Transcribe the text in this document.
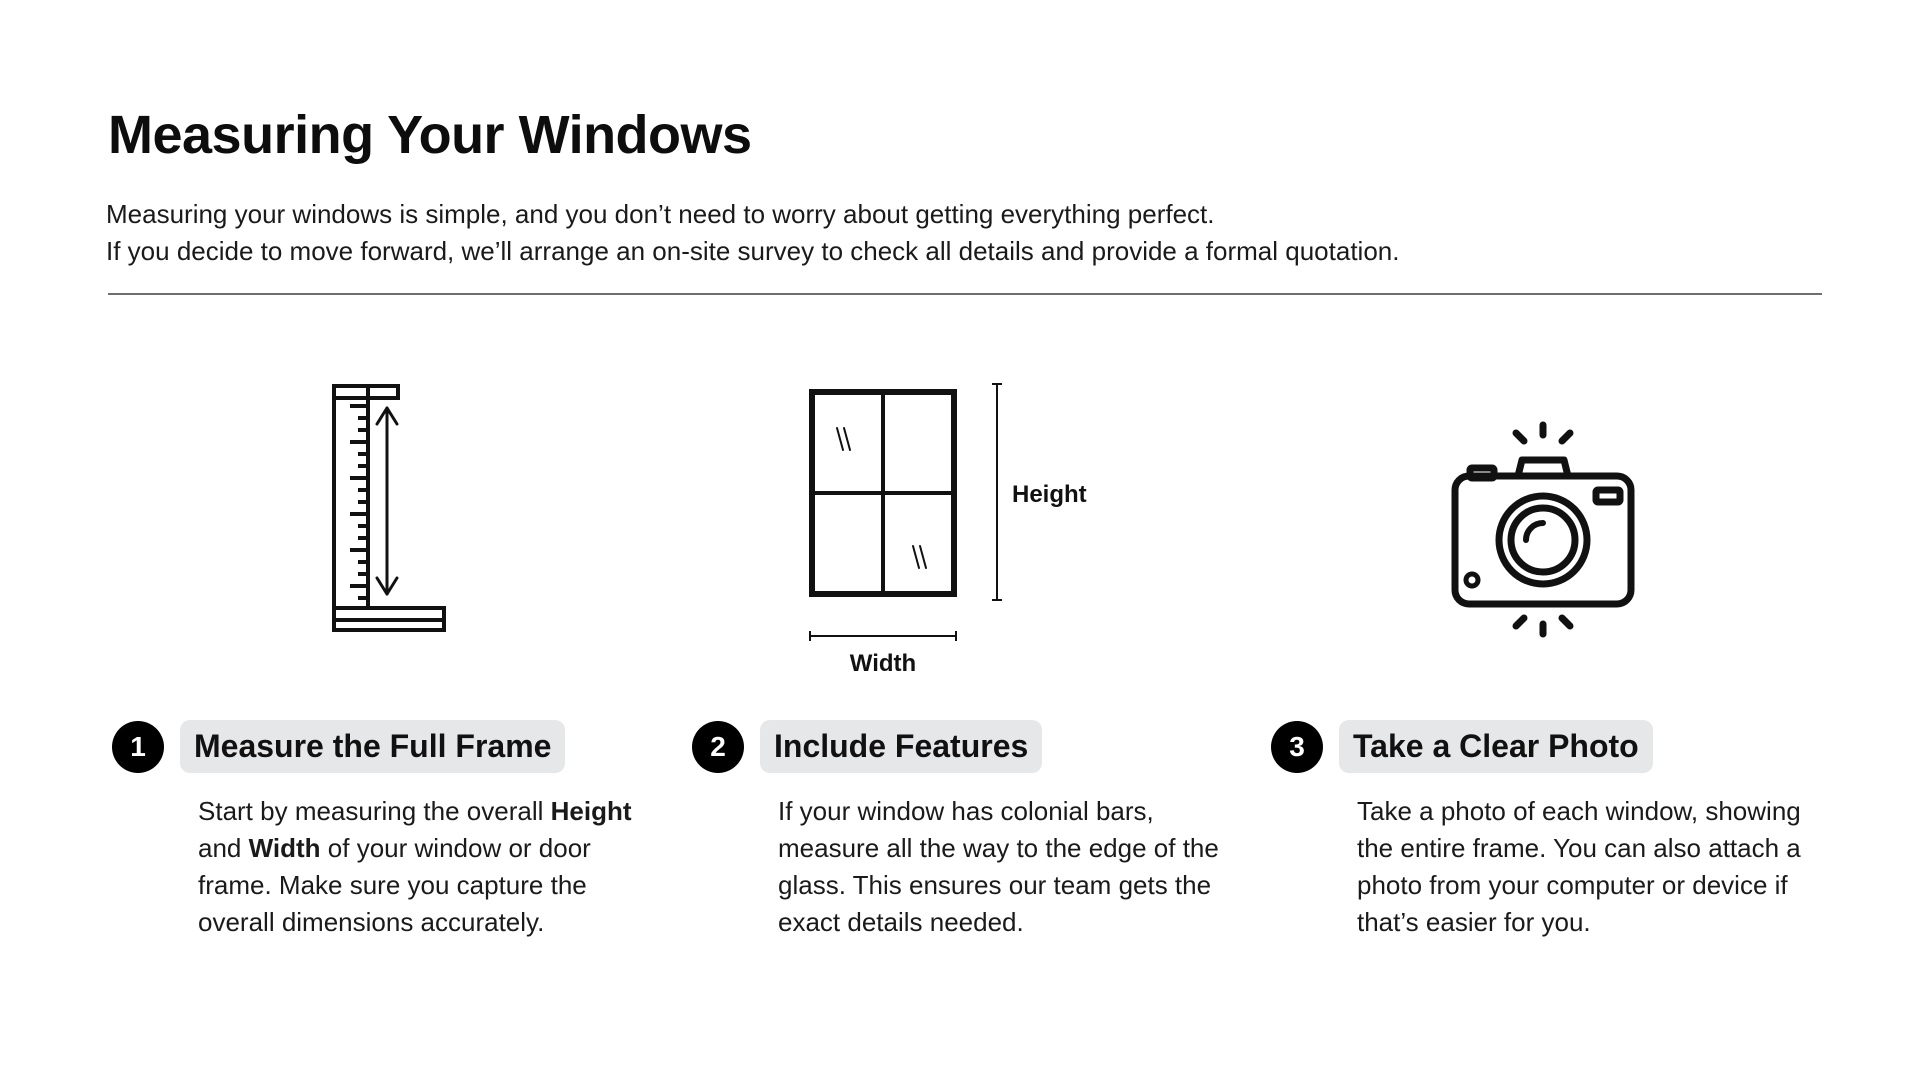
Measuring Your Windows
Measuring your windows is simple, and you don’t need to worry about getting everything perfect.
If you decide to move forward, we’ll arrange an on-site survey to check all details and provide a formal quotation.
Height
Width
1	Measure the Full Frame
Start by measuring the overall Height and Width of your window or door frame. Make sure you capture the overall dimensions accurately.
2	Include Features
If your window has colonial bars, measure all the way to the edge of the glass. This ensures our team gets the exact details needed.
3	Take a Clear Photo
Take a photo of each window, showing the entire frame. You can also attach a photo from your computer or device if that’s easier for you.
